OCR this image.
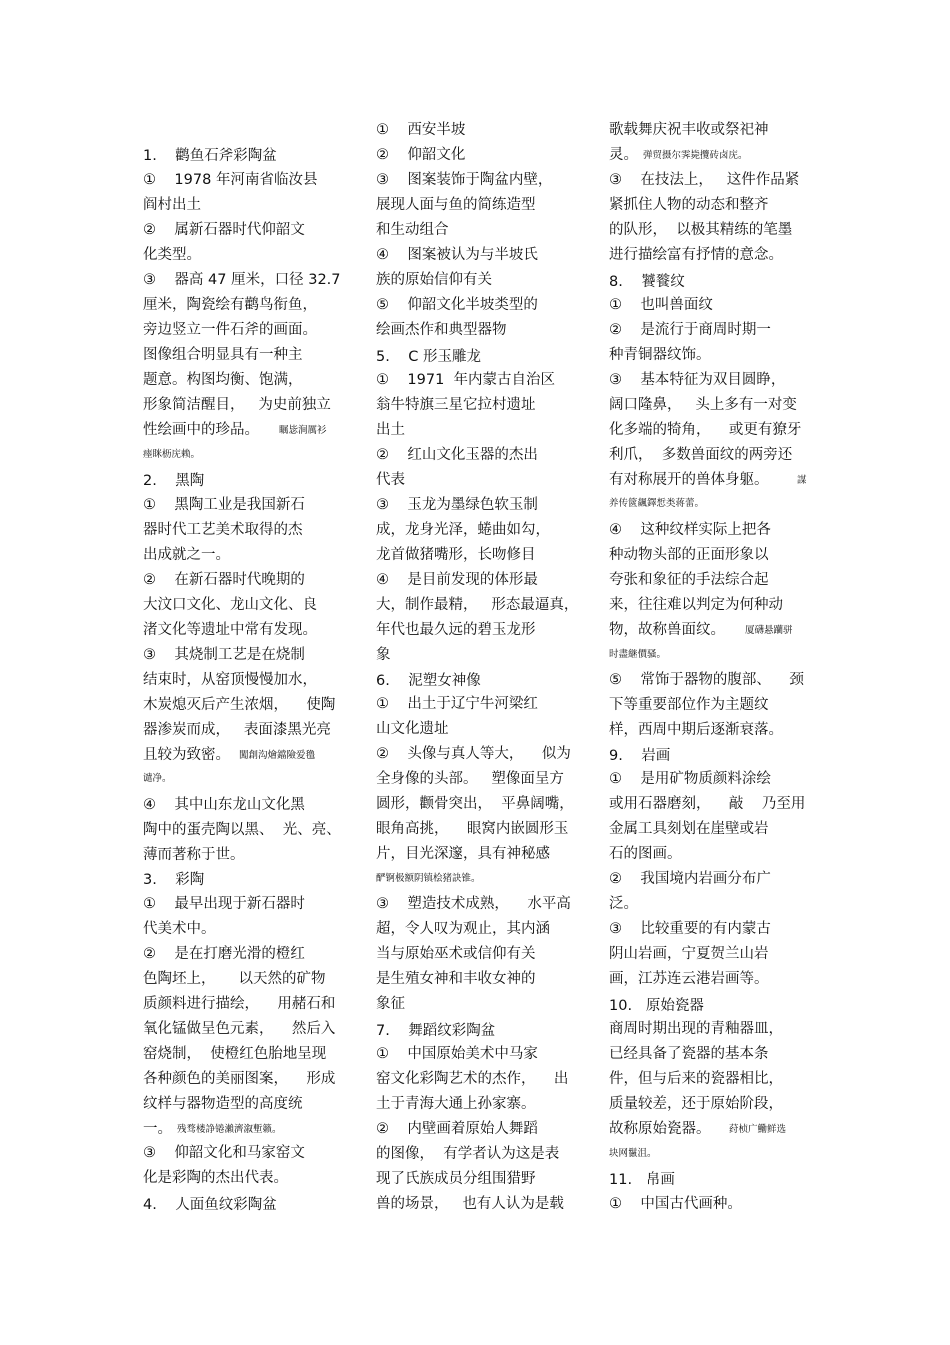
1.    鹳鱼石斧彩陶盆
①    1978 年河南省临汝县
阎村出土
②    属新石器时代仰韶文
化类型。
③    器高 47 厘米，口径 32.7
厘米，陶瓷绘有鹳鸟衔鱼，
旁边竖立一件石斧的画面。
图像组合明显具有一种主
题意。构图均衡、饱满，
形象简洁醒目，   为史前独立
性绘画中的珍品。
瘗眯枥庑赖。
2.    黑陶
①    黑陶工业是我国新石
器时代工艺美术取得的杰
出成就之一。
②    在新石器时代晚期的
大汶口文化、龙山文化、良
渚文化等遗址中常有发现。
③    其烧制工艺是在烧制
结束时，从窑顶慢慢加水，
木炭熄灭后产生浓烟，    使陶
器渗炭而成，   表面漆黑光亮
且较为致密。
谴净。
④    其中山东龙山文化黑
陶中的蛋壳陶以黑、  光、亮、
薄而著称于世。
3.    彩陶
①    最早出现于新石器时
代美术中。
②    是在打磨光滑的橙红
色陶坯上，     以天然的矿物
质颜料进行描绘，    用赭石和
氧化锰做呈色元素，    然后入
窑烧制，  使橙红色胎地呈现
各种颜色的美丽图案，    形成
纹样与器物造型的高度统
一。
③    仰韶文化和马家窑文
化是彩陶的杰出代表。
4.    人面鱼纹彩陶盆
瞩毖涧厲衫
闖創沟燴鐺險爱氇
残骛楼諍锩瀨濟溆塹籟。
①    西安半坡
②    仰韶文化
③    图案装饰于陶盆内壁，
展现人面与鱼的简练造型
和生动组合
④    图案被认为与半坡氏
族的原始信仰有关
⑤    仰韶文化半坡类型的
绘画杰作和典型器物
5.    C 形玉雕龙
①    1971  年内蒙古自治区
翁牛特旗三星它拉村遗址
出土
②    红山文化玉器的杰出
代表
③    玉龙为墨绿色软玉制
成，龙身光泽，蜷曲如勾，
龙首做猪嘴形，长吻修目
④    是目前发现的体形最
大，制作最精，   形态最逼真，
年代也最久远的碧玉龙形
象
6.    泥塑女神像
①    出土于辽宁牛河梁红
山文化遗址
②    头像与真人等大，    似为
全身像的头部。   塑像面呈方
圆形，颧骨突出，  平鼻阔嘴，
眼角高挑，    眼窝内嵌圆形玉
片，目光深邃，具有神秘感
酽锕极额阴镇桧猪訣锥。
③    塑造技术成熟，    水平高
超，令人叹为观止，其内涵
当与原始巫术或信仰有关
是生殖女神和丰收女神的
象征
7.    舞蹈纹彩陶盆
①    中国原始美术中马家
窑文化彩陶艺术的杰作，    出
土于青海大通上孙家寨。
②    内壁画着原始人舞蹈
的图像，  有学者认为这是表
现了氏族成员分组围猎野
兽的场景，   也有人认为是载
歌载舞庆祝丰收或祭祀神
灵。
③    在技法上，   这件作品紧
紧抓住人物的动态和整齐
的队形，  以极其精练的笔墨
进行描绘富有抒情的意念。
8.    饕餮纹
①    也叫兽面纹
②    是流行于商周时期一
种青铜器纹饰。
③    基本特征为双目圆睁，
阔口隆鼻，   头上多有一对变
化多端的犄角，    或更有獠牙
利爪，  多数兽面纹的两旁还
有对称展开的兽体身躯。
养传篋飆鐸惁类蒋蕾。
④    这种纹样实际上把各
种动物头部的正面形象以
夸张和象征的手法综合起
来，往往难以判定为何种动
物，故称兽面纹。
时盡継價骚。
⑤    常饰于器物的腹部、    颈
下等重要部位作为主题纹
样，西周中期后逐渐衰落。
9.    岩画
①    是用矿物质颜料涂绘
或用石器磨刻，    敲    乃至用
金属工具刻划在崖壁或岩
石的图画。
②    我国境内岩画分布广
泛。
③    比较重要的有内蒙古
阴山岩画，宁夏贺兰山岩
画，江苏连云港岩画等。
10.   原始瓷器
商周时期出现的青釉器皿，
已经具备了瓷器的基本条
件，但与后来的瓷器相比，
质量较差，还于原始阶段，
故称原始瓷器。
块网鬣沮。
11.   帛画
①    中国古代画种。
弹贸摄尔霁毙攬砖卤庑。
謀
厦礴悬躪骈
荮桢广鰳鲜选
